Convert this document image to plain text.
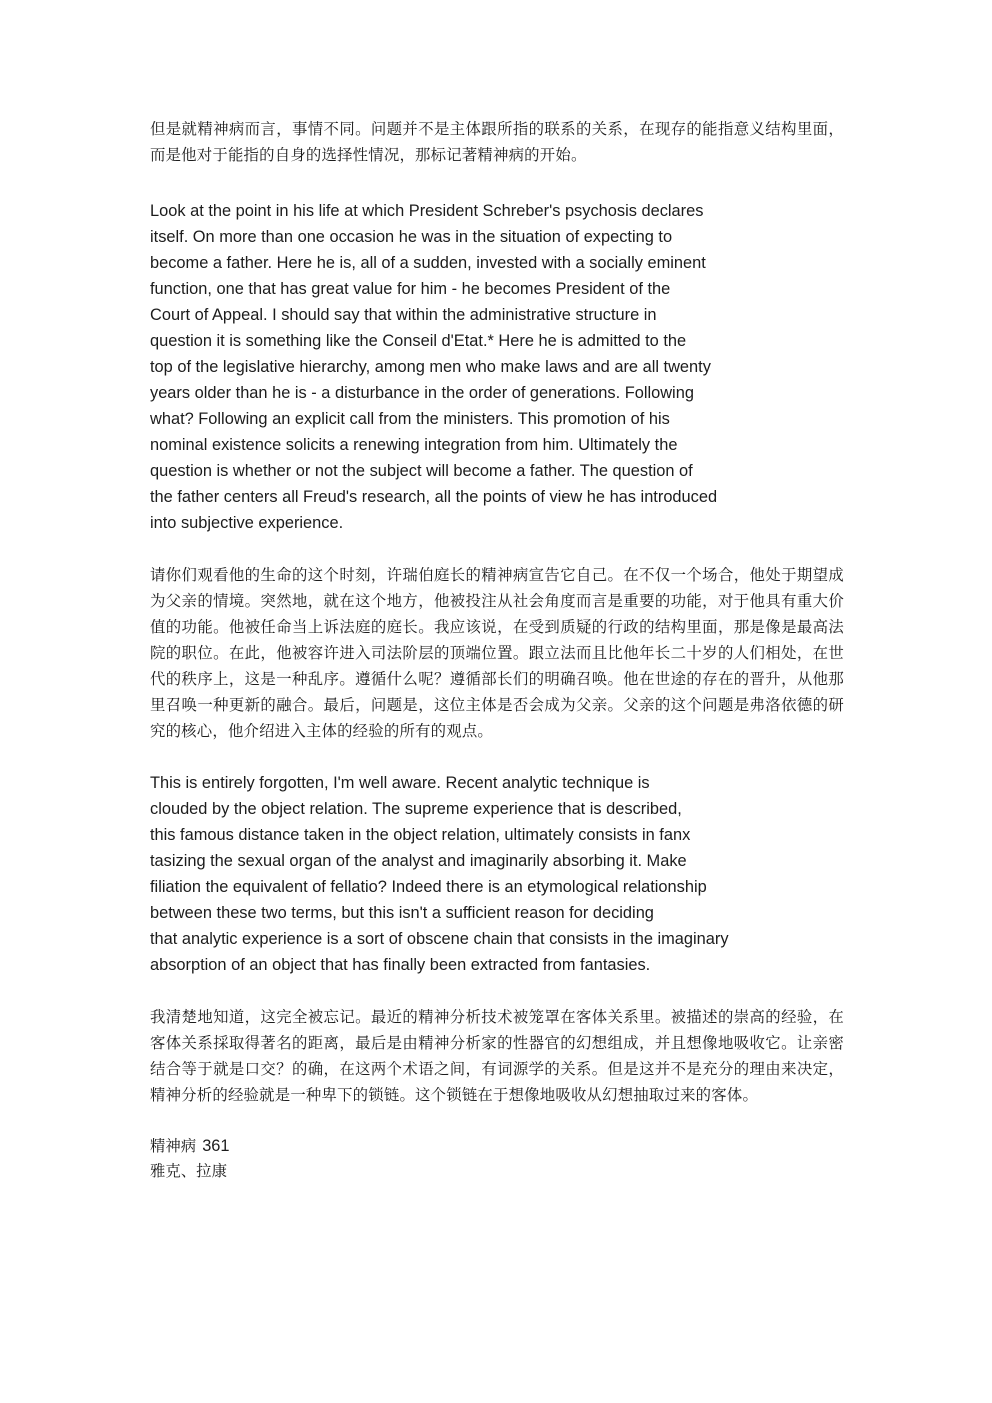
但是就精神病而言，事情不同。问题并不是主体跟所指的联系的关系，在现存的能指意义结构里面，而是他对于能指的自身的选择性情况，那标记著精神病的开始。

Look at the point in his life at which President Schreber's psychosis declares
itself. On more than one occasion he was in the situation of expecting to
become a father. Here he is, all of a sudden, invested with a socially eminent
function, one that has great value for him - he becomes President of the
Court of Appeal. I should say that within the administrative structure in
question it is something like the Conseil d'Etat.* Here he is admitted to the
top of the legislative hierarchy, among men who make laws and are all twenty
years older than he is - a disturbance in the order of generations. Following
what? Following an explicit call from the ministers. This promotion of his
nominal existence solicits a renewing integration from him. Ultimately the
question is whether or not the subject will become a father. The question of
the father centers all Freud's research, all the points of view he has introduced
into subjective experience.

请你们观看他的生命的这个时刻，许瑞伯庭长的精神病宣告它自己。在不仅一个场合，他处于期望成为父亲的情境。突然地，就在这个地方，他被投注从社会角度而言是重要的功能，对于他具有重大价值的功能。他被任命当上诉法庭的庭长。我应该说，在受到质疑的行政的结构里面，那是像是最高法院的职位。在此，他被容许进入司法阶层的顶端位置。跟立法而且比他年长二十岁的人们相处，在世代的秩序上，这是一种乱序。遵循什么呢？遵循部长们的明确召唤。他在世途的存在的晋升，从他那里召唤一种更新的融合。最后，问题是，这位主体是否会成为父亲。父亲的这个问题是弗洛依德的研究的核心，他介绍进入主体的经验的所有的观点。

This is entirely forgotten, I'm well aware. Recent analytic technique is
clouded by the object relation. The supreme experience that is described,
this famous distance taken in the object relation, ultimately consists in fanx
tasizing the sexual organ of the analyst and imaginarily absorbing it. Make
filiation the equivalent of fellatio? Indeed there is an etymological relationship
between these two terms, but this isn't a sufficient reason for deciding
that analytic experience is a sort of obscene chain that consists in the imaginary
absorption of an object that has finally been extracted from fantasies.

我清楚地知道，这完全被忘记。最近的精神分析技术被笼罩在客体关系里。被描述的崇高的经验，在客体关系採取得著名的距离，最后是由精神分析家的性器官的幻想组成，并且想像地吸收它。让亲密结合等于就是口交？的确，在这两个术语之间，有词源学的关系。但是这并不是充分的理由来决定，精神分析的经验就是一种卑下的锁链。这个锁链在于想像地吸收从幻想抽取过来的客体。

精神病 361
雅克、拉康
